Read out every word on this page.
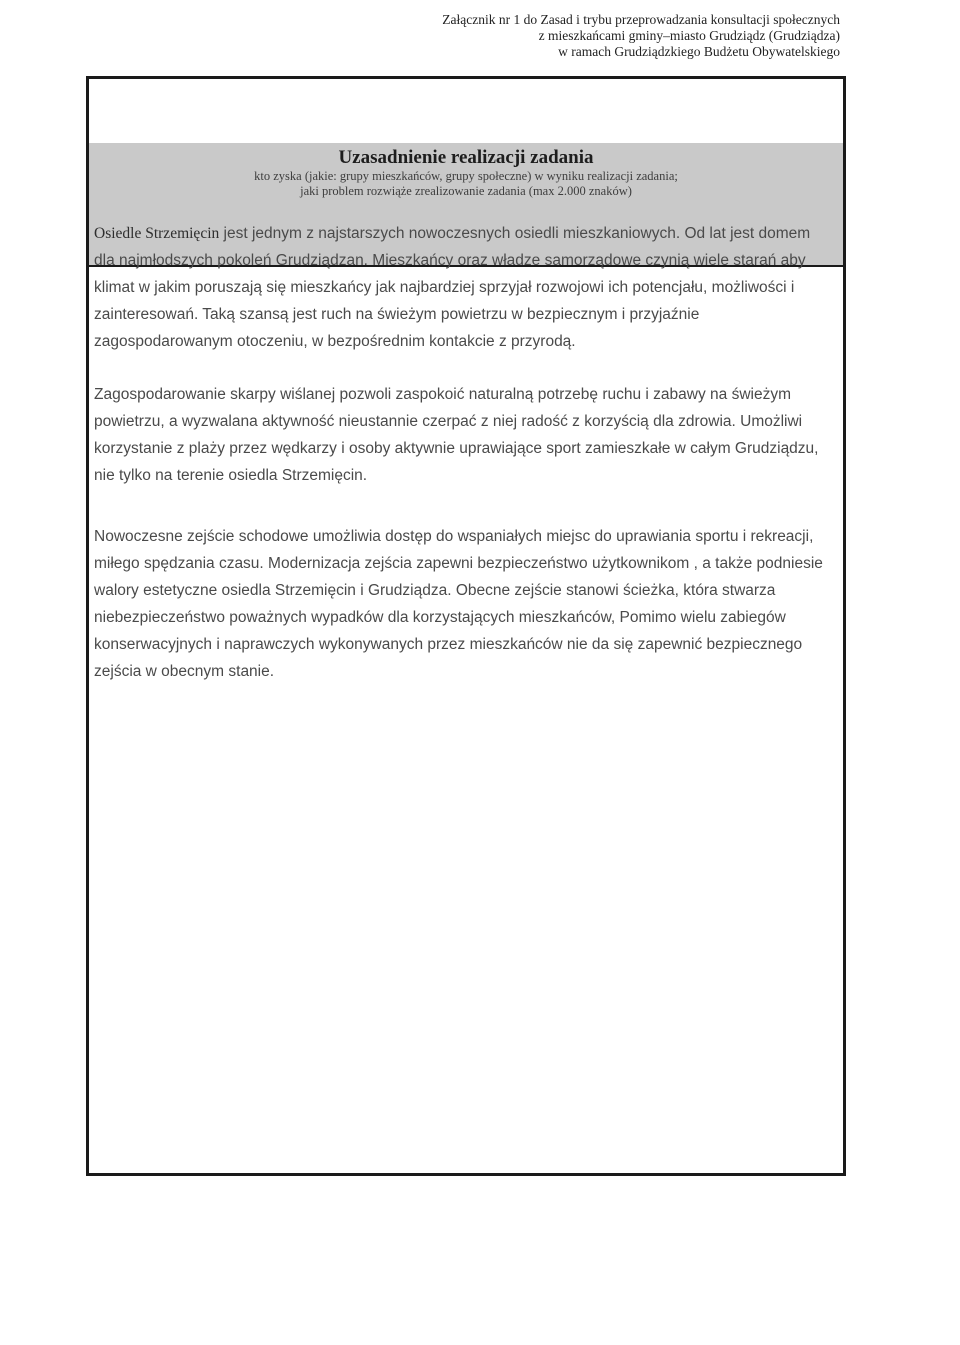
Załącznik nr 1 do Zasad i trybu przeprowadzania konsultacji społecznych
z mieszkańcami gminy–miasto Grudziądz (Grudziądza)
w ramach Grudziądzkiego Budżetu Obywatelskiego
Uzasadnienie realizacji zadania
kto zyska (jakie: grupy mieszkańców, grupy społeczne) w wyniku realizacji zadania;
jaki problem rozwiąże zrealizowanie zadania (max 2.000 znaków)

Osiedle Strzemięcin jest jednym z najstarszych nowoczesnych osiedli mieszkaniowych. Od lat jest domem dla najmłodszych pokoleń Grudziądzan. Mieszkańcy oraz władze samorządowe czynią wiele starań aby klimat w jakim poruszają się mieszkańcy jak najbardziej sprzyjał rozwojowi ich potencjału, możliwości i zainteresowań. Taką szansą jest ruch na świeżym powietrzu w bezpiecznym i przyjaźnie zagospodarowanym otoczeniu, w bezpośrednim kontakcie z przyrodą.

Zagospodarowanie skarpy wiślanej pozwoli zaspokoić naturalną potrzebę ruchu i zabawy na świeżym powietrzu, a wyzwalana aktywność nieustannie czerpać z niej radość z korzyścią dla zdrowia. Umożliwi korzystanie z plaży przez wędkarzy i osoby aktywnie uprawiające sport zamieszkałe w całym Grudziądzu, nie tylko na terenie osiedla Strzemięcin.

Nowoczesne zejście schodowe umożliwia dostęp do wspaniałych miejsc do uprawiania sportu i rekreacji, miłego spędzania czasu. Modernizacja zejścia zapewni bezpieczeństwo użytkownikom , a także podniesie walory estetyczne osiedla Strzemięcin i Grudziądza. Obecne zejście stanowi ścieżka, która stwarza niebezpieczeństwo poważnych wypadków dla korzystających mieszkańców, Pomimo wielu zabiegów konserwacyjnych i naprawczych wykonywanych przez mieszkańców nie da się zapewnić bezpiecznego zejścia w obecnym stanie.
